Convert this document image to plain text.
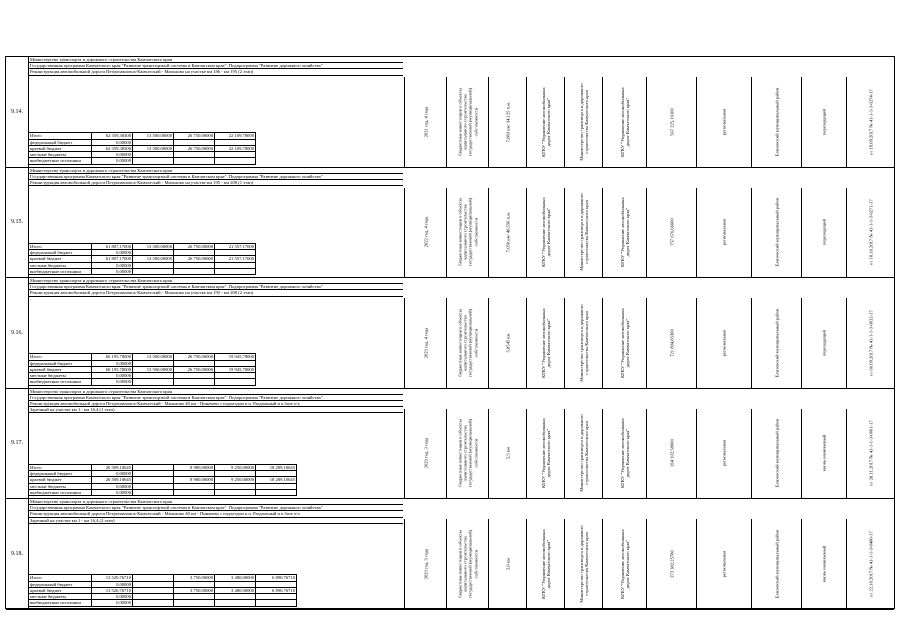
9.14.
Министерство транспорта и дорожного строительства Камчатского края
Государственная программа Камчатского края "Развитие транспортной системы в Камчатском крае". Подпрограмма "Развитие дорожного хозяйства"
Реконструкция автомобильной дороги Петропавловск-Камчатский - Мильково на участке км 186 - км 195 (2 этап)
Итого	62 359,38300	13 500,00000	26 750,00000	22 109,78000
федеральный бюджет	0,00000			
краевой бюджет	62 359,38300	13 500,00000	26 750,00000	22 109,78000
местные бюджеты	0,00000			
внебюджетные источники	0,00000			
2021 год, 4 года	бюджетные инвестиции в объекты капитального строительства государственной (муниципальной) собственности	7,883 км/ 34,125 п.м.	КГКУ "Управление автомобильных дорог Камчатского края"	Министерство транспорта и дорожного строительства Камчатского края	КГКУ "Управление автомобильных дорог Камчатского края"	567 225,16100	региональная	Елизовский муниципальный район	переходящий	от 19.09.2017 № 41-1-1-3-0274-17
9.15.
Министерство транспорта и дорожного строительства Камчатского края
Государственная программа Камчатского края "Развитие транспортной системы в Камчатском крае". Подпрограмма "Развитие дорожного хозяйства"
Реконструкция автомобильной дороги Петропавловск-Камчатский - Мильково на участке км 195 - км 208 (1 этап)
Итого	61 807,17000	13 500,00000	26 750,00000	21 557,17000
федеральный бюджет	0,00000			
краевой бюджет	61 807,17000	13 500,00000	26 750,00000	21 557,17000
местные бюджеты	0,00000			
внебюджетные источники	0,00000			
2022 год, 4 года	бюджетные инвестиции в объекты капитального строительства государственной (муниципальной) собственности	7,050 км/ 40,550 п.м.	КГКУ "Управление автомобильных дорог Камчатского края"	Министерство транспорта и дорожного строительства Камчатского края	КГКУ "Управление автомобильных дорог Камчатского края"	757 676,66600	региональная	Елизовский муниципальный район	переходящий	от 18.10.2017 № 41-1-1-3-0271-17
9.16.
Министерство транспорта и дорожного строительства Камчатского края
Государственная программа Камчатского края "Развитие транспортной системы в Камчатском крае". Подпрограмма "Развитие дорожного хозяйства"
Реконструкция автомобильной дороги Петропавловск-Камчатский - Мильково на участке км 195 - км 208 (2 этап)
Итого	60 195,78000	13 500,00000	26 750,00000	19 945,78000
федеральный бюджет	0,00000			
краевой бюджет	60 195,78000	13 500,00000	26 750,00000	19 945,78000
местные бюджеты	0,00000			
внебюджетные источники	0,00000			
2023 год, 4 года	бюджетные инвестиции в объекты капитального строительства государственной (муниципальной) собственности	5,8545 км	КГКУ "Управление автомобильных дорог Камчатского края"	Министерство транспорта и дорожного строительства Камчатского края	КГКУ "Управление автомобильных дорог Камчатского края"	721 894,85300	региональная	Елизовский муниципальный район	переходящий	от 06.09.2017 № 41-1-1-3-0032-17
9.17.
Министерство транспорта и дорожного строительства Камчатского края
Государственная программа Камчатского края "Развитие транспортной системы в Камчатском крае". Подпрограмма "Развитие дорожного хозяйства"
Реконструкция автомобильной дороги Петропавловск-Камчатский - Мильково 40 км - Пиначево с подъездом к п. Раздольный и к базе о/х
Заречный на участке км 1 - км 16,4 (1 этап)
Итого	26 509,10645		8 980,00000	9 250,00000	18 289,10645
федеральный бюджет	0,00000				
краевой бюджет	26 509,10645		8 980,00000	9 250,00000	18 289,10645
местные бюджеты	0,00000				
внебюджетные источники	0,00000				
2023 год, 3 года	бюджетные инвестиции в объекты капитального строительства государственной (муниципальной) собственности	5,5 км	КГКУ "Управление автомобильных дорог Камчатского края"	Министерство транспорта и дорожного строительства Камчатского края	КГКУ "Управление автомобильных дорог Камчатского края"	264 332,58000	региональная	Елизовский муниципальный район	вновь начинаемый	от 28.11.2017 № 41-1-1-3-0001-17
9.18.
Министерство транспорта и дорожного строительства Камчатского края
Государственная программа Камчатского края "Развитие транспортной системы в Камчатском крае". Подпрограмма "Развитие дорожного хозяйства"
Реконструкция автомобильной дороги Петропавловск-Камчатский - Мильково 40 км - Пиначево с подъездом к п. Раздольный и к базе о/х
Заречный на участке км 1 - км 16,4 (2 этап)
Итого	13 520,76710		3 750,00000	3 480,00000	6 890,76710
федеральный бюджет	0,00000				
краевой бюджет	13 520,76710		3 750,00000	3 480,00000	6 890,76710
местные бюджеты	0,00000				
внебюджетные источники	0,00000				
2023 год, 3 года	бюджетные инвестиции в объекты капитального строительства государственной (муниципальной) собственности	2,8 км	КГКУ "Управление автомобильных дорог Камчатского края"	Министерство транспорта и дорожного строительства Камчатского края	КГКУ "Управление автомобильных дорог Камчатского края"	273 382,25780	региональная	Елизовский муниципальный район	вновь начинаемый	от 22.10.2017 № 41-1-1-3-0480-17
